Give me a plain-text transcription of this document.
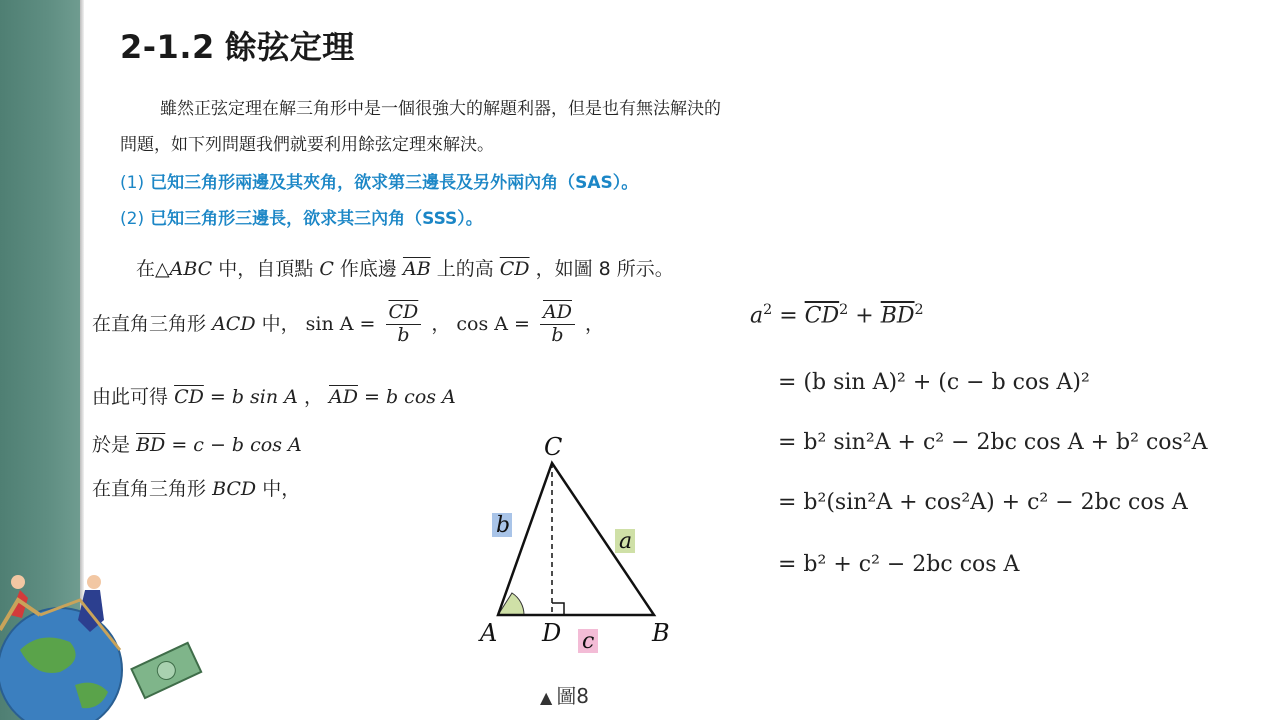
2-1.2 餘弦定理
雖然正弦定理在解三角形中是一個很強大的解題利器，但是也有無法解決的
問題，如下列問題我們就要利用餘弦定理來解決。
(1) 已知三角形兩邊及其夾角，欲求第三邊長及另外兩內角（SAS）。
(2) 已知三角形三邊長，欲求其三內角（SSS）。
在△ABC 中，自頂點 C 作底邊 $\overline{AB}$ 上的高 $\overline{CD}$ ，如圖 8 所示。
在直角三角形 ACD 中， $\sin A = \frac{\overline{CD}}{b}$ ， $\cos A = \frac{\overline{AD}}{b}$ ，
由此可得 $\overline{CD} = b$ sin A ， $\overline{AD} = b$ cos A
於是 $\overline{BD} = c - b$ cos A
在直角三角形 BCD 中，
C
A D	B
b
a
c
▲ 圖8
$a^2 = \overline{CD}^2 + \overline{BD}^2$
= (b sin A)² + (c − b cos A)²
= b² sin²A + c² − 2bc cos A + b² cos²A
= b²(sin²A + cos²A) + c² − 2bc cos A
= b² + c² − 2bc cos A
